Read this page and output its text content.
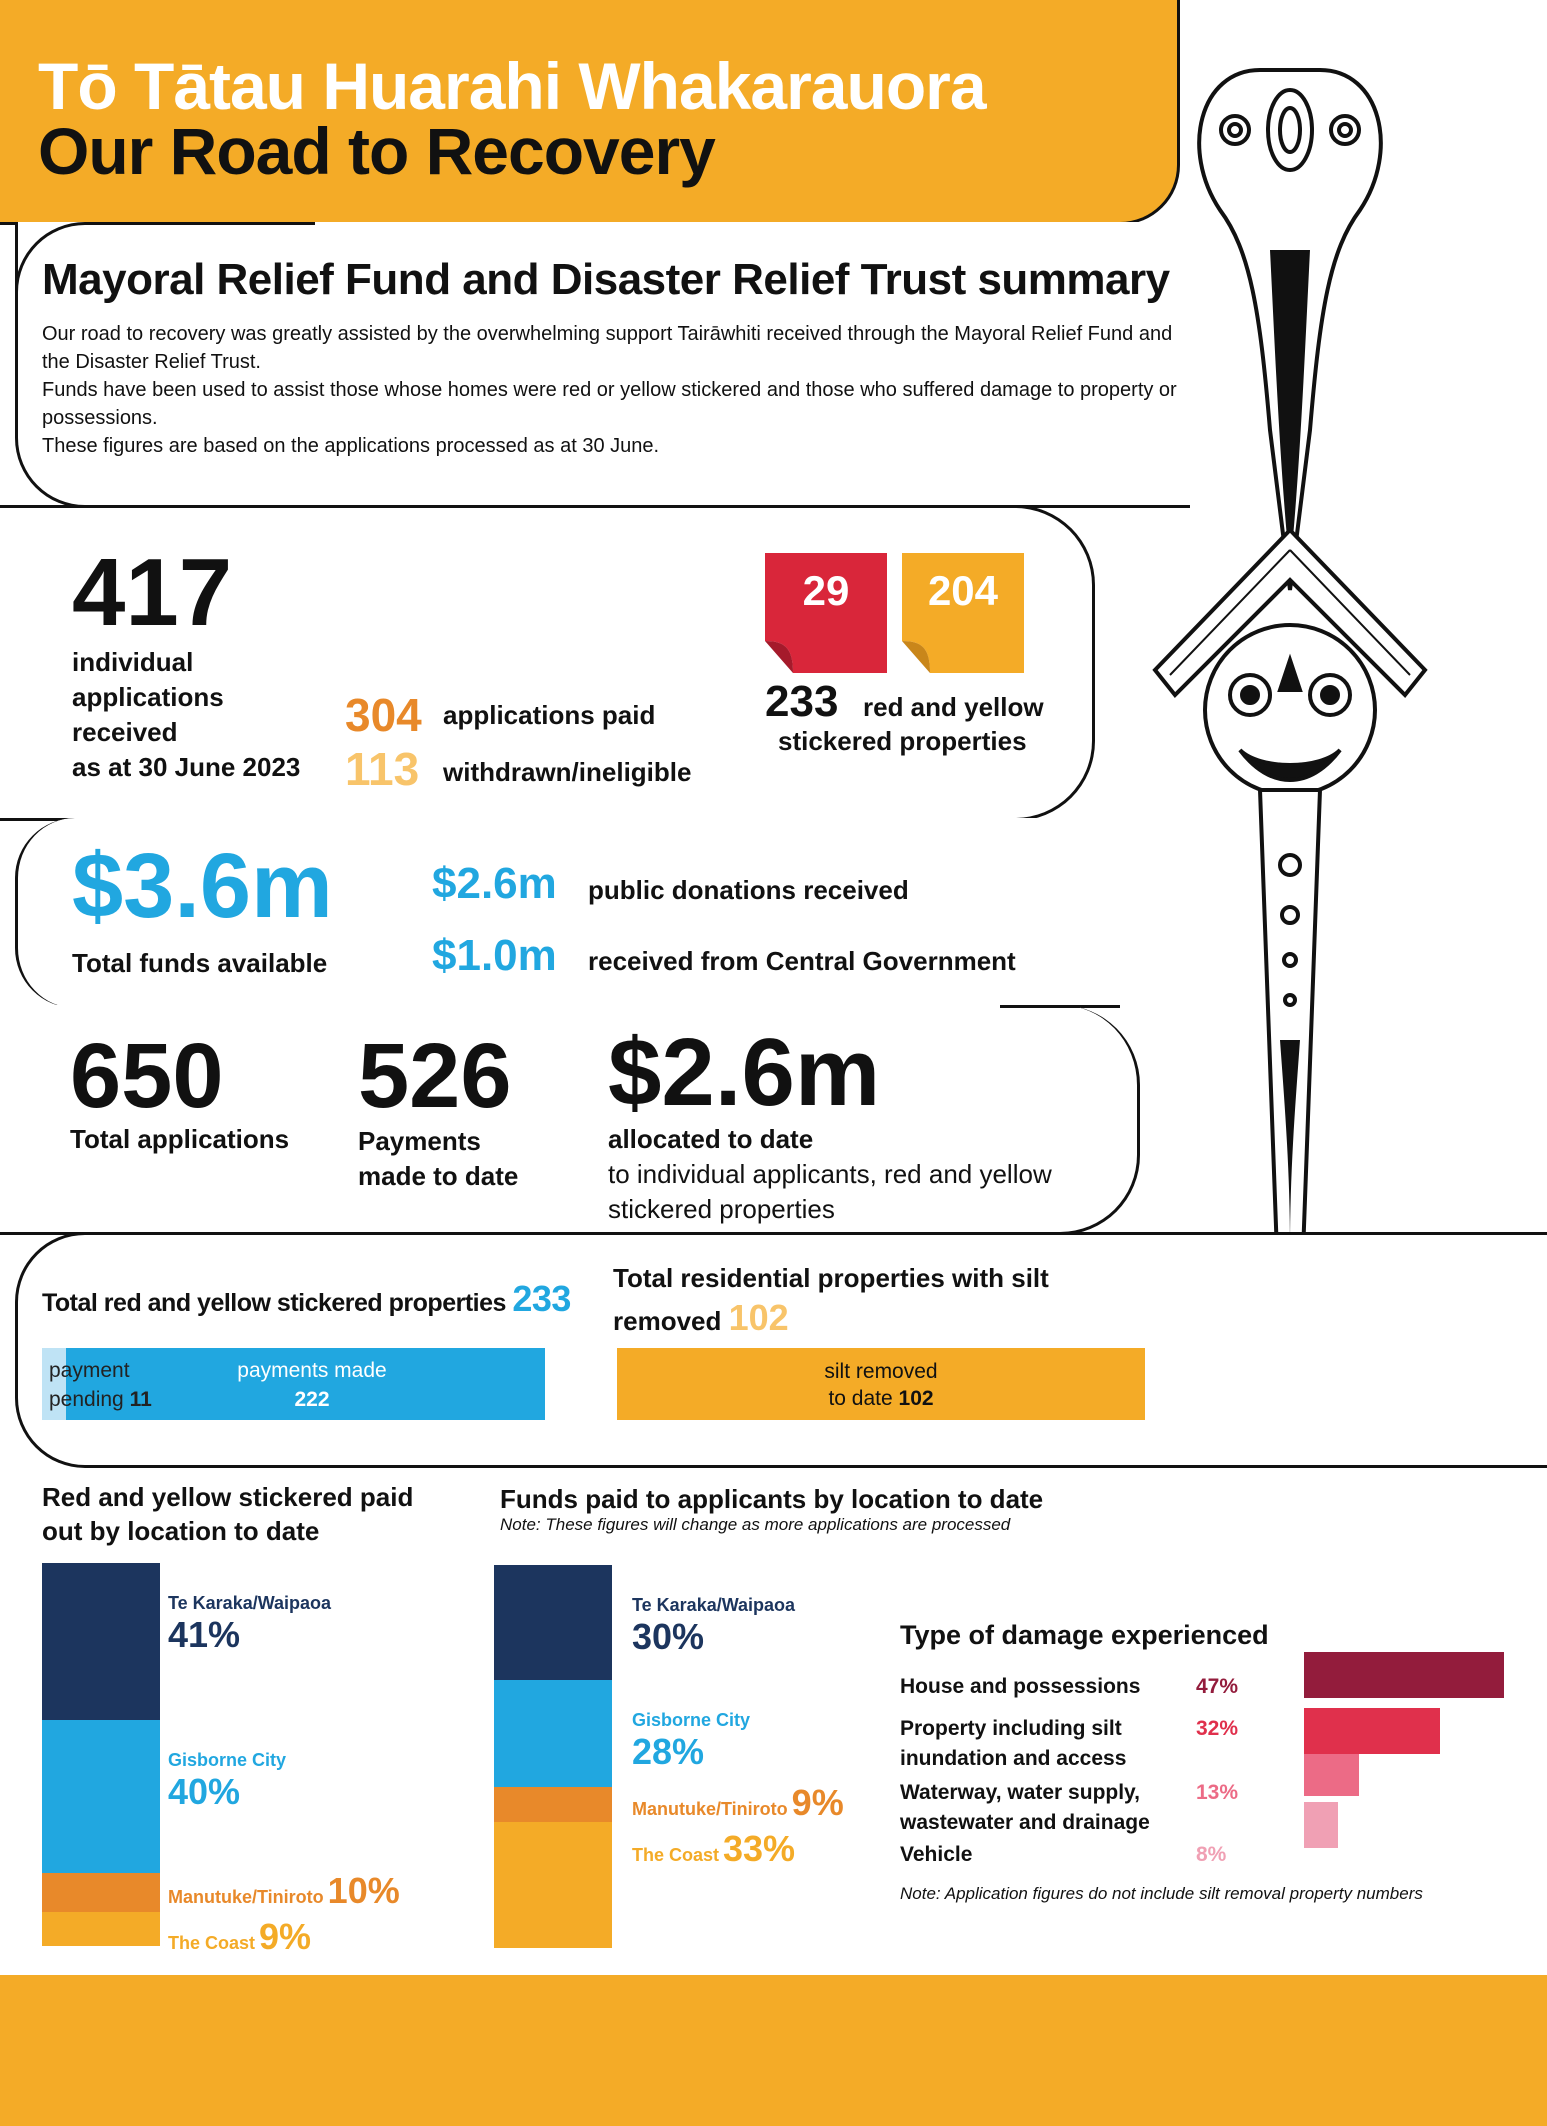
Tō Tātau Huarahi Whakarauora
Our Road to Recovery
Mayoral Relief Fund and Disaster Relief Trust summary

Our road to recovery was greatly assisted by the overwhelming support Tairāwhiti received through the Mayoral Relief Fund and the Disaster Relief Trust.

Funds have been used to assist those whose homes were red or yellow stickered and those who suffered damage to property or possessions.

These figures are based on the applications processed as at 30 June.

417
individual
applications
received
as at 30 June 2023
304 applications paid
113 withdrawn/ineligible
29	204
233 red and yellow
stickered properties
$3.6m
Total funds available
$2.6m public donations received
$1.0m received from Central Government
650
Total applications
526
Payments
made to date
$2.6m
allocated to date
to individual applicants, red and yellow
stickered properties
Total red and yellow stickered properties 233
payment
pending 11
payments made
222
Total residential properties with silt
removed 102
silt removed
to date 102
Red and yellow stickered paid out by location to date
Te Karaka/Waipaoa
41%
Gisborne City
40%
Manutuke/Tiniroto 10%
The Coast 9%
Funds paid to applicants by location to date
Note: These figures will change as more applications are processed
Te Karaka/Waipaoa
30%
Gisborne City
28%
Manutuke/Tiniroto 9%
The Coast 33%
Type of damage experienced
House and possessions	47%
Property including silt
inundation and access
32%
Waterway, water supply,
wastewater and drainage
13%
Vehicle	8%
Note: Application figures do not include silt removal property numbers
